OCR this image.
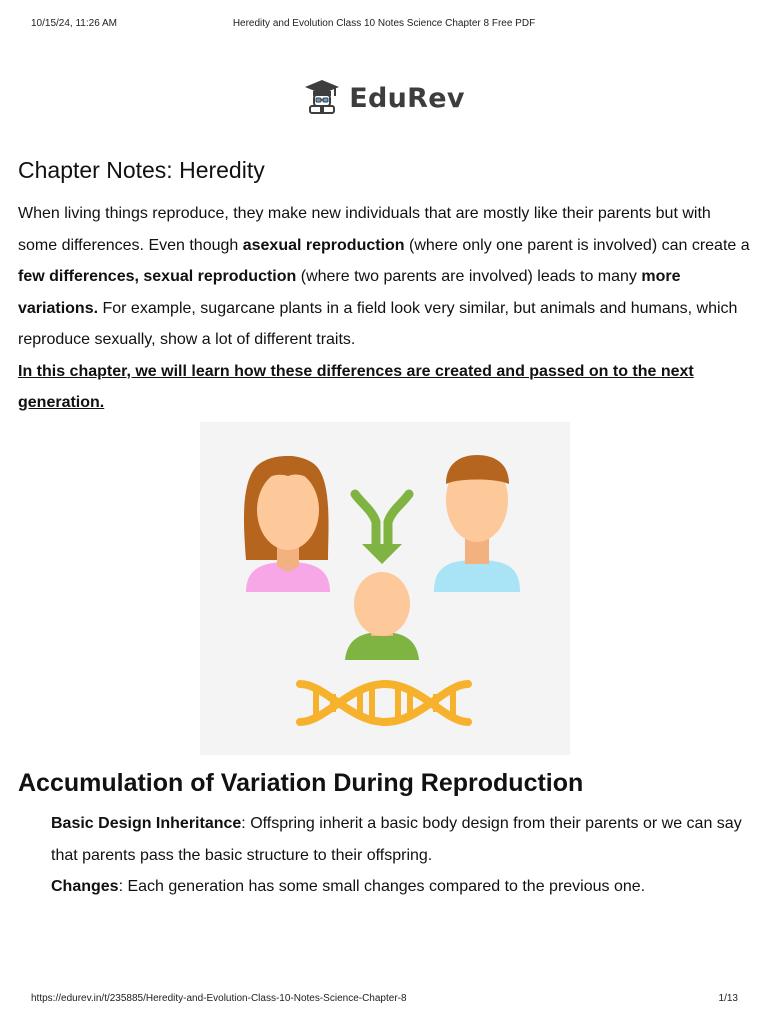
10/15/24, 11:26 AM	Heredity and Evolution Class 10 Notes Science Chapter 8 Free PDF
EduRev
Chapter Notes: Heredity

When living things reproduce, they make new individuals that are mostly like their parents but with some differences. Even though asexual reproduction (where only one parent is involved) can create a few differences, sexual reproduction (where two parents are involved) leads to many more variations. For example, sugarcane plants in a field look very similar, but animals and humans, which reproduce sexually, show a lot of different traits.

In this chapter, we will learn how these differences are created and passed on to the next generation.

Accumulation of Variation During Reproduction

Basic Design Inheritance: Offspring inherit a basic body design from their parents or we can say that parents pass the basic structure to their offspring.

Changes: Each generation has some small changes compared to the previous one.

https://edurev.in/t/235885/Heredity-and-Evolution-Class-10-Notes-Science-Chapter-8	1/13
